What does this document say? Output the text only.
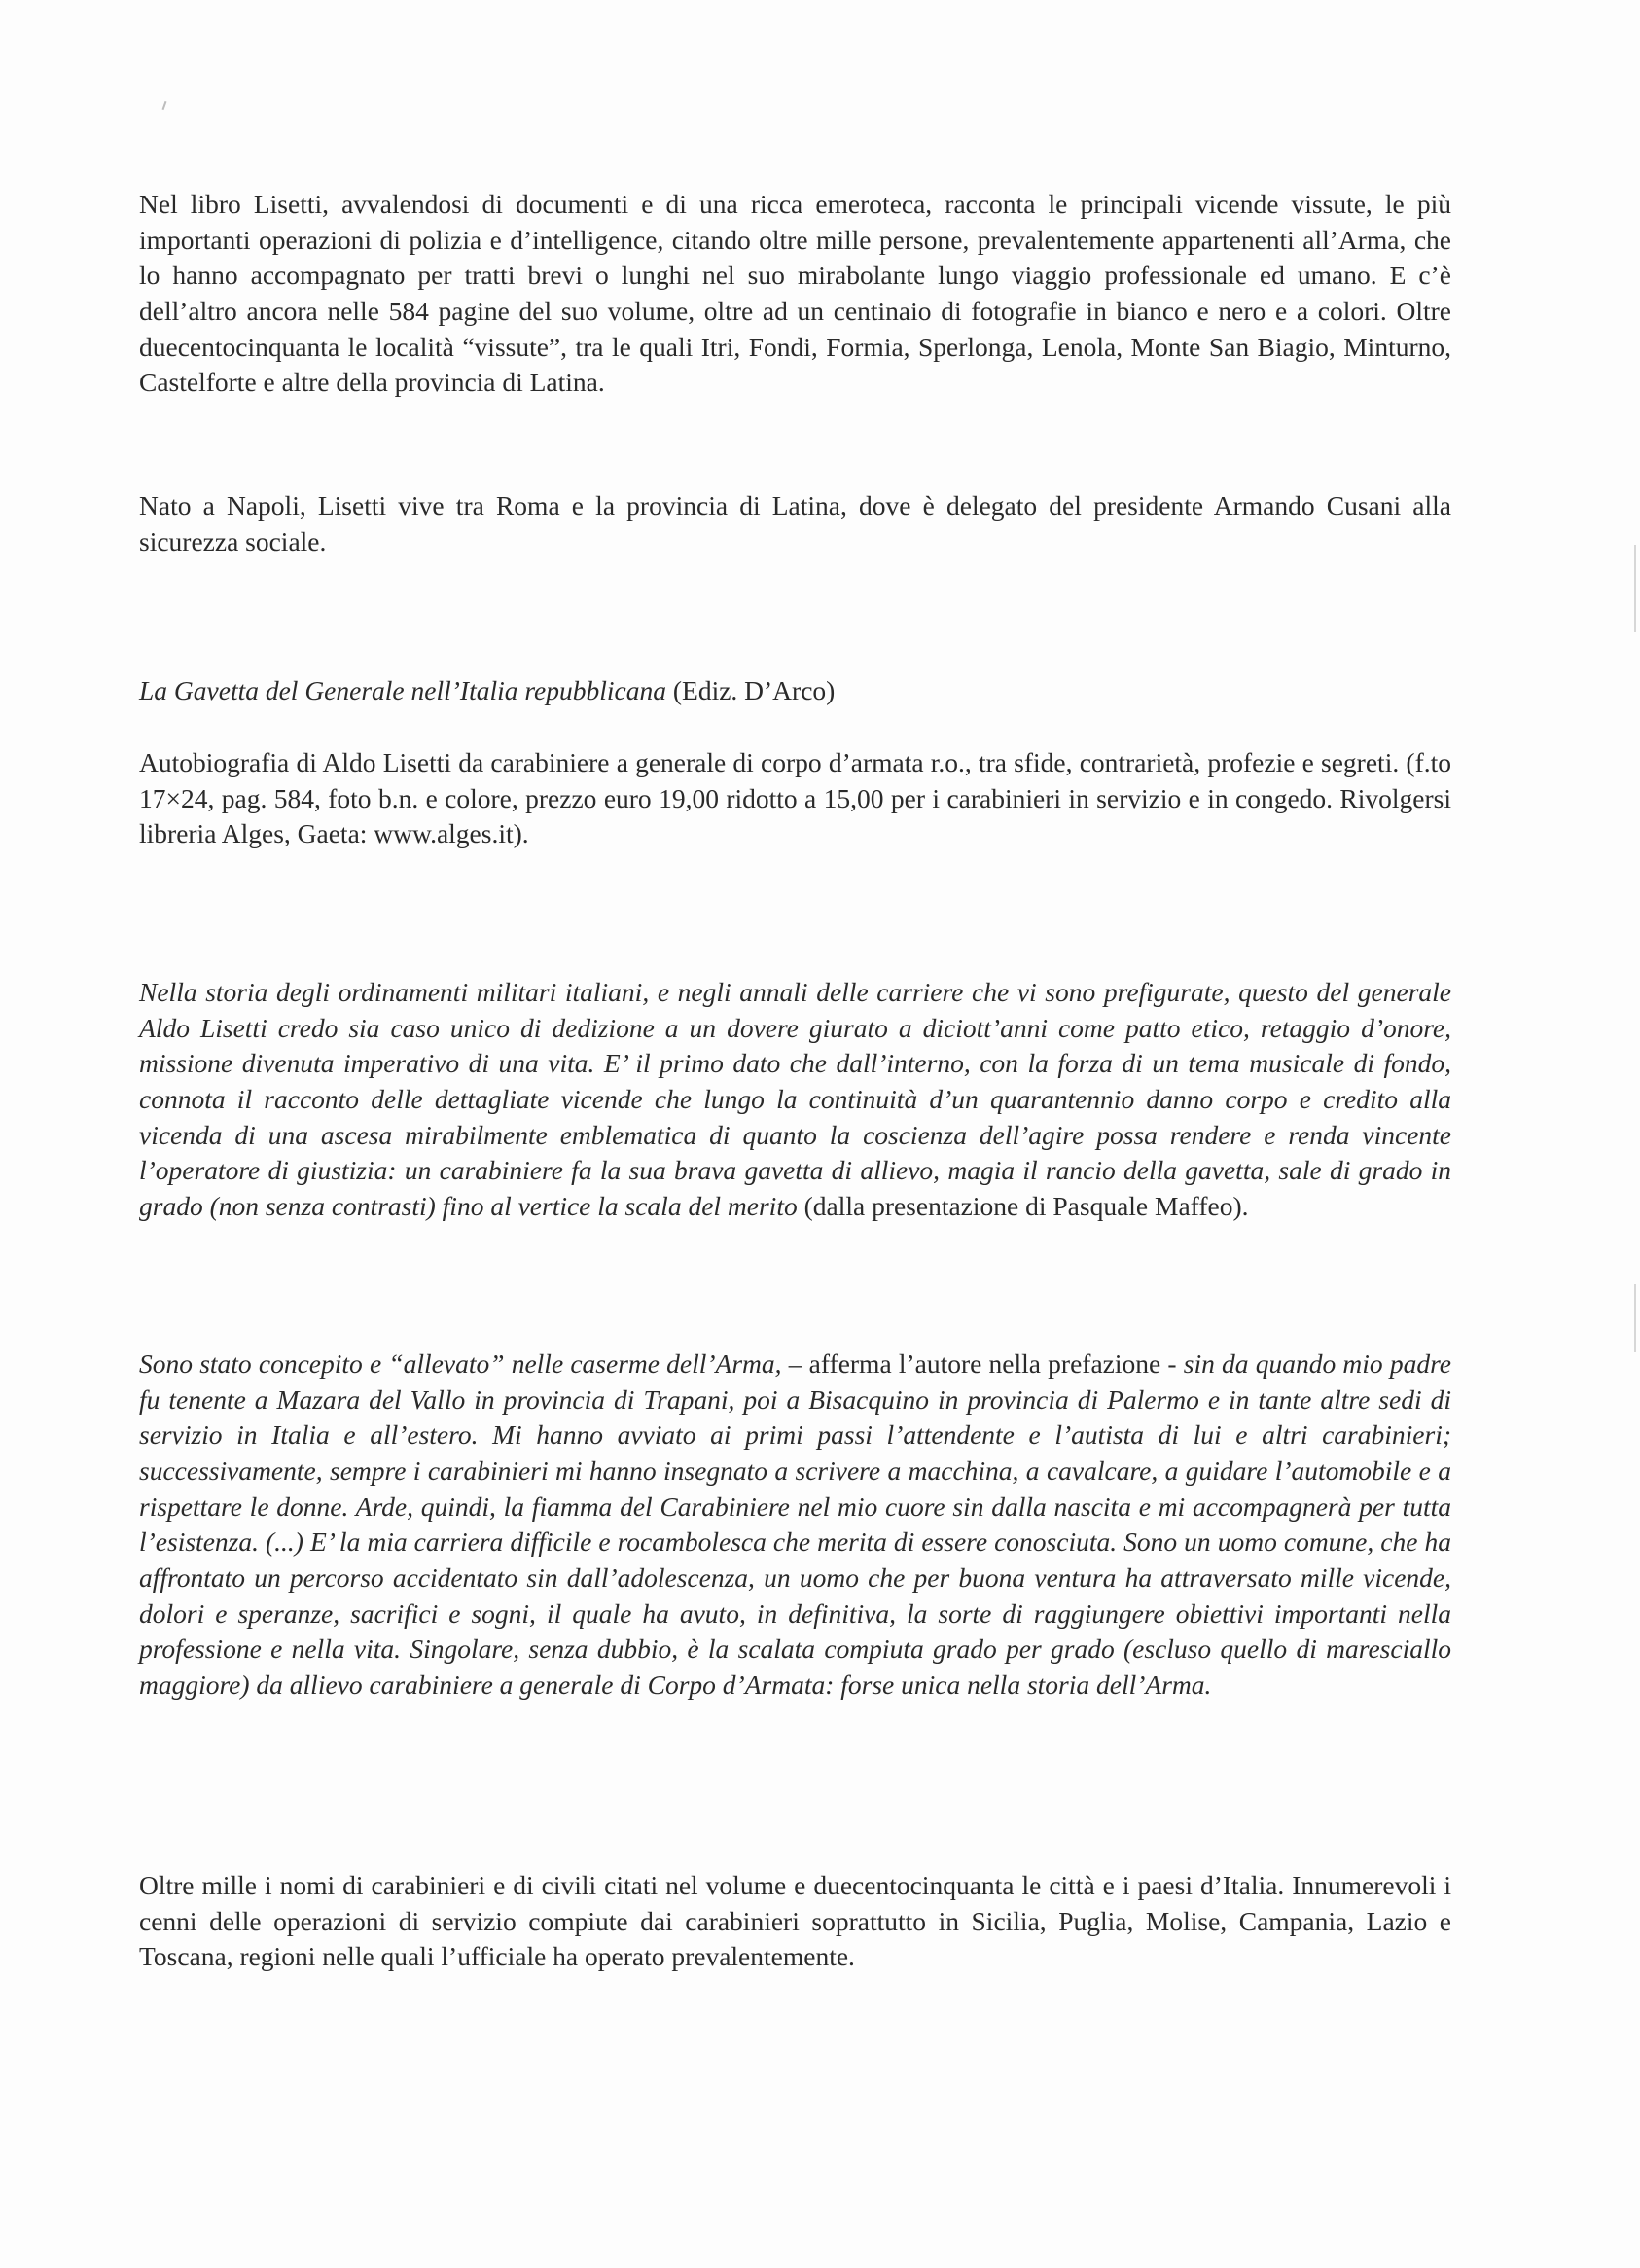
Nel libro Lisetti, avvalendosi di documenti e di una ricca emeroteca, racconta le principali vicende vissute, le più importanti operazioni di polizia e d’intelligence, citando oltre mille persone, prevalentemente appartenenti all’Arma, che lo hanno accompagnato per tratti brevi o lunghi nel suo mirabolante lungo viaggio professionale ed umano. E c’è dell’altro ancora nelle 584 pagine del suo volume, oltre ad un centinaio di fotografie in bianco e nero e a colori. Oltre duecentocinquanta le località “vissute”, tra le quali Itri, Fondi, Formia, Sperlonga, Lenola, Monte San Biagio, Minturno, Castelforte e altre della provincia di Latina.

Nato a Napoli, Lisetti vive tra Roma e la provincia di Latina, dove è delegato del presidente Armando Cusani alla sicurezza sociale.

La Gavetta del Generale nell’Italia repubblicana (Ediz. D’Arco)

Autobiografia di Aldo Lisetti da carabiniere a generale di corpo d’armata r.o., tra sfide, contrarietà, profezie e segreti. (f.to 17×24, pag. 584, foto b.n. e colore, prezzo euro 19,00 ridotto a 15,00 per i carabinieri in servizio e in congedo. Rivolgersi libreria Alges, Gaeta: www.alges.it).

Nella storia degli ordinamenti militari italiani, e negli annali delle carriere che vi sono prefigurate, questo del generale Aldo Lisetti credo sia caso unico di dedizione a un dovere giurato a diciott’anni come patto etico, retaggio d’onore, missione divenuta imperativo di una vita. E’ il primo dato che dall’interno, con la forza di un tema musicale di fondo, connota il racconto delle dettagliate vicende che lungo la continuità d’un quarantennio danno corpo e credito alla vicenda di una ascesa mirabilmente emblematica di quanto la coscienza dell’agire possa rendere e renda vincente l’operatore di giustizia: un carabiniere fa la sua brava gavetta di allievo, magia il rancio della gavetta, sale di grado in grado (non senza contrasti) fino al vertice la scala del merito (dalla presentazione di Pasquale Maffeo).

Sono stato concepito e “allevato” nelle caserme dell’Arma, – afferma l’autore nella prefazione - sin da quando mio padre fu tenente a Mazara del Vallo in provincia di Trapani, poi a Bisacquino in provincia di Palermo e in tante altre sedi di servizio in Italia e all’estero. Mi hanno avviato ai primi passi l’attendente e l’autista di lui e altri carabinieri; successivamente, sempre i carabinieri mi hanno insegnato a scrivere a macchina, a cavalcare, a guidare l’automobile e a rispettare le donne. Arde, quindi, la fiamma del Carabiniere nel mio cuore sin dalla nascita e mi accompagnerà per tutta l’esistenza. (...) E’ la mia carriera difficile e rocambolesca che merita di essere conosciuta. Sono un uomo comune, che ha affrontato un percorso accidentato sin dall’adolescenza, un uomo che per buona ventura ha attraversato mille vicende, dolori e speranze, sacrifici e sogni, il quale ha avuto, in definitiva, la sorte di raggiungere obiettivi importanti nella professione e nella vita. Singolare, senza dubbio, è la scalata compiuta grado per grado (escluso quello di maresciallo maggiore) da allievo carabiniere a generale di Corpo d’Armata: forse unica nella storia dell’Arma.

Oltre mille i nomi di carabinieri e di civili citati nel volume e duecentocinquanta le città e i paesi d’Italia. Innumerevoli i cenni delle operazioni di servizio compiute dai carabinieri soprattutto in Sicilia, Puglia, Molise, Campania, Lazio e Toscana, regioni nelle quali l’ufficiale ha operato prevalentemente.
